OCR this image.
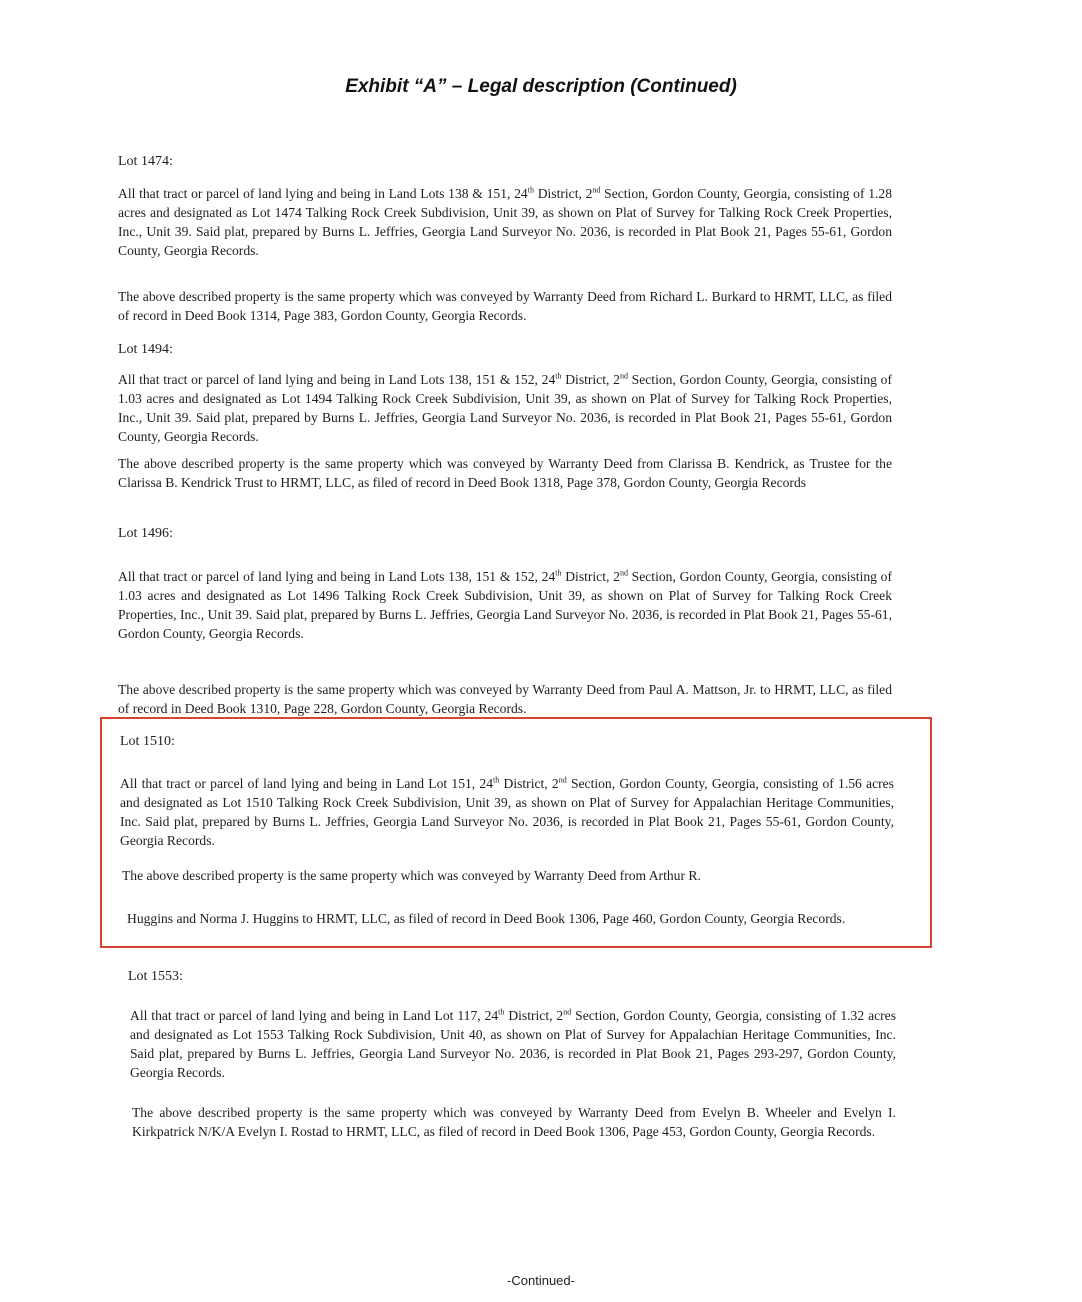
Exhibit “A” – Legal description (Continued)
Lot 1474:
All that tract or parcel of land lying and being in Land Lots 138 & 151, 24th District, 2nd Section, Gordon County, Georgia, consisting of 1.28 acres and designated as Lot 1474 Talking Rock Creek Subdivision, Unit 39, as shown on Plat of Survey for Talking Rock Creek Properties, Inc., Unit 39. Said plat, prepared by Burns L. Jeffries, Georgia Land Surveyor No. 2036, is recorded in Plat Book 21, Pages 55-61, Gordon County, Georgia Records.
The above described property is the same property which was conveyed by Warranty Deed from Richard L. Burkard to HRMT, LLC, as filed of record in Deed Book 1314, Page 383, Gordon County, Georgia Records.
Lot 1494:
All that tract or parcel of land lying and being in Land Lots 138, 151 & 152, 24th District, 2nd Section, Gordon County, Georgia, consisting of 1.03 acres and designated as Lot 1494 Talking Rock Creek Subdivision, Unit 39, as shown on Plat of Survey for Talking Rock Properties, Inc., Unit 39. Said plat, prepared by Burns L. Jeffries, Georgia Land Surveyor No. 2036, is recorded in Plat Book 21, Pages 55-61, Gordon County, Georgia Records.
The above described property is the same property which was conveyed by Warranty Deed from Clarissa B. Kendrick, as Trustee for the Clarissa B. Kendrick Trust to HRMT, LLC, as filed of record in Deed Book 1318, Page 378, Gordon County, Georgia Records
Lot 1496:
All that tract or parcel of land lying and being in Land Lots 138, 151 & 152, 24th District, 2nd Section, Gordon County, Georgia, consisting of 1.03 acres and designated as Lot 1496 Talking Rock Creek Subdivision, Unit 39, as shown on Plat of Survey for Talking Rock Creek Properties, Inc., Unit 39. Said plat, prepared by Burns L. Jeffries, Georgia Land Surveyor No. 2036, is recorded in Plat Book 21, Pages 55-61, Gordon County, Georgia Records.
The above described property is the same property which was conveyed by Warranty Deed from Paul A. Mattson, Jr. to HRMT, LLC, as filed of record in Deed Book 1310, Page 228, Gordon County, Georgia Records.
Lot 1510:
All that tract or parcel of land lying and being in Land Lot 151, 24th District, 2nd Section, Gordon County, Georgia, consisting of 1.56 acres and designated as Lot 1510 Talking Rock Creek Subdivision, Unit 39, as shown on Plat of Survey for Appalachian Heritage Communities, Inc. Said plat, prepared by Burns L. Jeffries, Georgia Land Surveyor No. 2036, is recorded in Plat Book 21, Pages 55-61, Gordon County, Georgia Records.
The above described property is the same property which was conveyed by Warranty Deed from Arthur R.
Huggins and Norma J. Huggins to HRMT, LLC, as filed of record in Deed Book 1306, Page 460, Gordon County, Georgia Records.
Lot 1553:
All that tract or parcel of land lying and being in Land Lot 117, 24th District, 2nd Section, Gordon County, Georgia, consisting of 1.32 acres and designated as Lot 1553 Talking Rock Subdivision, Unit 40, as shown on Plat of Survey for Appalachian Heritage Communities, Inc. Said plat, prepared by Burns L. Jeffries, Georgia Land Surveyor No. 2036, is recorded in Plat Book 21, Pages 293-297, Gordon County, Georgia Records.
The above described property is the same property which was conveyed by Warranty Deed from Evelyn B. Wheeler and Evelyn I. Kirkpatrick N/K/A Evelyn I. Rostad to HRMT, LLC, as filed of record in Deed Book 1306, Page 453, Gordon County, Georgia Records.
-Continued-
